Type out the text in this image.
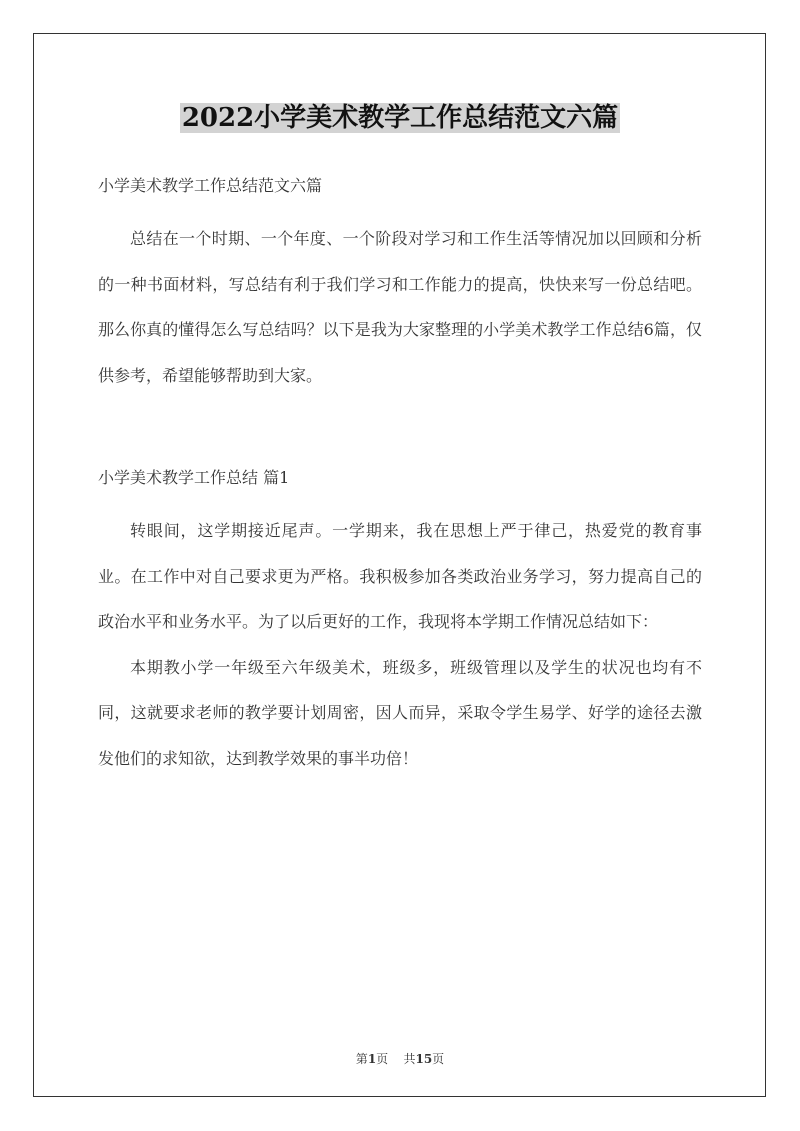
2022小学美术教学工作总结范文六篇

小学美术教学工作总结范文六篇

总结在一个时期、一个年度、一个阶段对学习和工作生活等情况加以回顾和分析的一种书面材料，写总结有利于我们学习和工作能力的提高，快快来写一份总结吧。那么你真的懂得怎么写总结吗？以下是我为大家整理的小学美术教学工作总结6篇，仅供参考，希望能够帮助到大家。

小学美术教学工作总结 篇1

转眼间，这学期接近尾声。一学期来，我在思想上严于律己，热爱党的教育事业。在工作中对自己要求更为严格。我积极参加各类政治业务学习，努力提高自己的政治水平和业务水平。为了以后更好的工作，我现将本学期工作情况总结如下：

本期教小学一年级至六年级美术，班级多，班级管理以及学生的状况也均有不同，这就要求老师的教学要计划周密，因人而异，采取令学生易学、好学的途径去激发他们的求知欲，达到教学效果的事半功倍！

第1页 共15页
